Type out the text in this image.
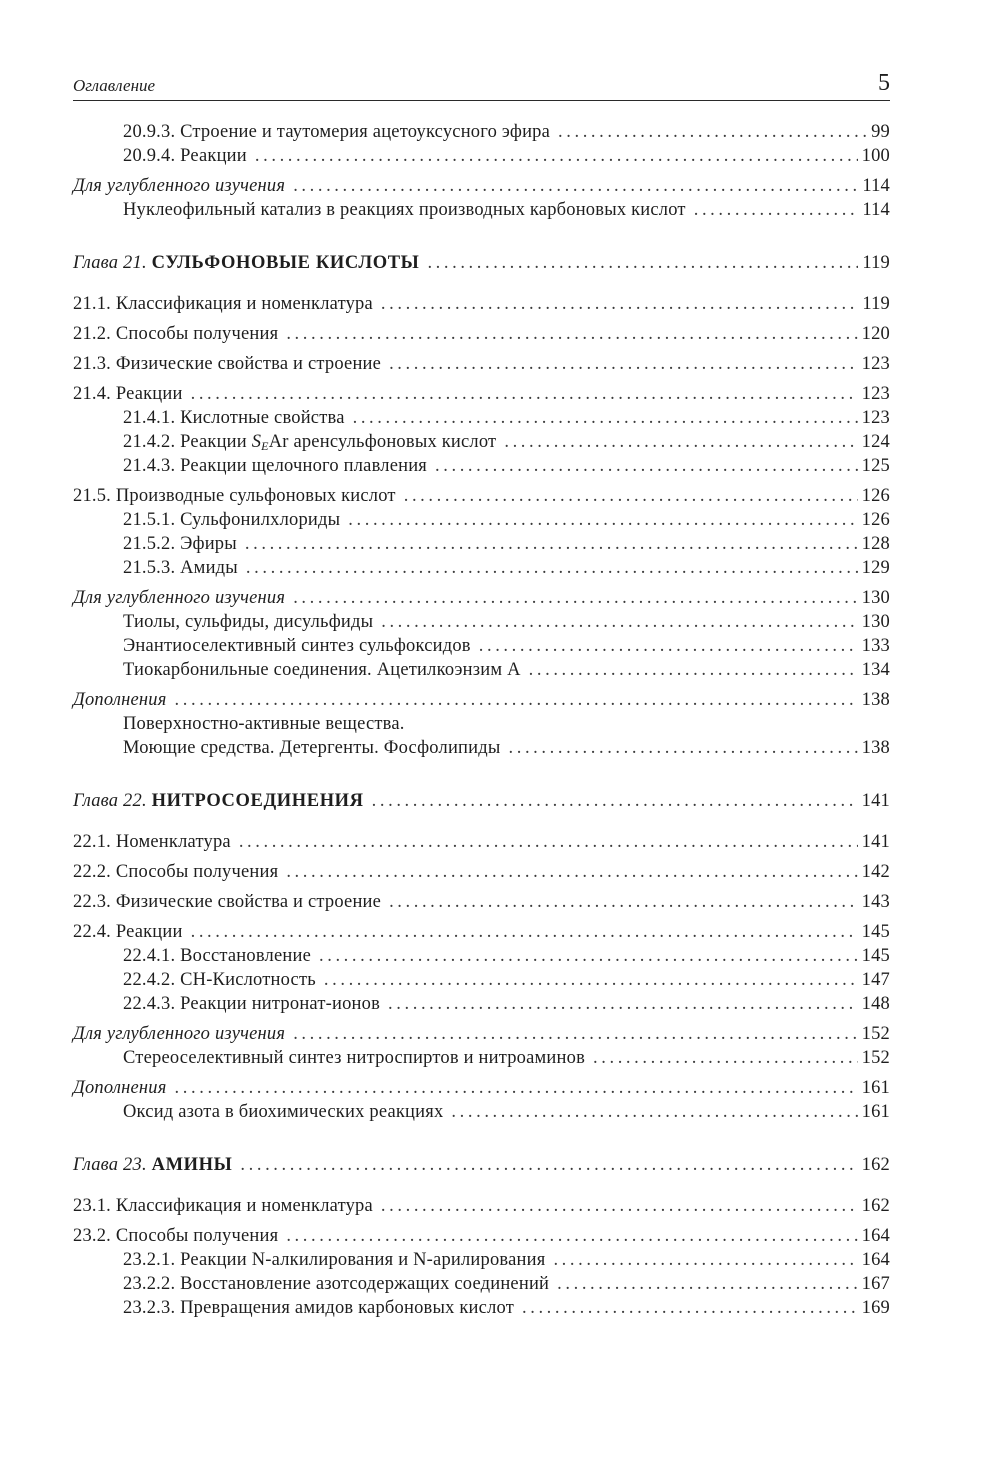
Оглавление	5
20.9.3. Строение и таутомерия ацетоуксусного эфира .....	99
20.9.4. Реакции .....	100
Для углубленного изучения .....	114
Нуклеофильный катализ в реакциях производных карбоновых кислот .....	114
Глава 21. СУЛЬФОНОВЫЕ КИСЛОТЫ .....	119
21.1. Классификация и номенклатура .....	119
21.2. Способы получения .....	120
21.3. Физические свойства и строение .....	123
21.4. Реакции .....	123
21.4.1. Кислотные свойства .....	123
21.4.2. Реакции $S_EAr$ аренсульфоновых кислот .....	124
21.4.3. Реакции щелочного плавления .....	125
21.5. Производные сульфоновых кислот .....	126
21.5.1. Сульфонилхлориды .....	126
21.5.2. Эфиры .....	128
21.5.3. Амиды .....	129
Для углубленного изучения .....	130
Тиолы, сульфиды, дисульфиды .....	130
Энантиоселективный синтез сульфоксидов .....	133
Тиокарбонильные соединения. Ацетилкоэнзим А .....	134
Дополнения .....	138
Поверхностно-активные вещества.
Моющие средства. Детергенты. Фосфолипиды .....	138
Глава 22. НИТРОСОЕДИНЕНИЯ .....	141
22.1. Номенклатура .....	141
22.2. Способы получения .....	142
22.3. Физические свойства и строение .....	143
22.4. Реакции .....	145
22.4.1. Восстановление .....	145
22.4.2. CH-Кислотность .....	147
22.4.3. Реакции нитронат-ионов .....	148
Для углубленного изучения .....	152
Стереоселективный синтез нитроспиртов и нитроаминов .....	152
Дополнения .....	161
Оксид азота в биохимических реакциях .....	161
Глава 23. АМИНЫ .....	162
23.1. Классификация и номенклатура .....	162
23.2. Способы получения .....	164
23.2.1. Реакции N-алкилирования и N-арилирования .....	164
23.2.2. Восстановление азотсодержащих соединений .....	167
23.2.3. Превращения амидов карбоновых кислот .....	169
